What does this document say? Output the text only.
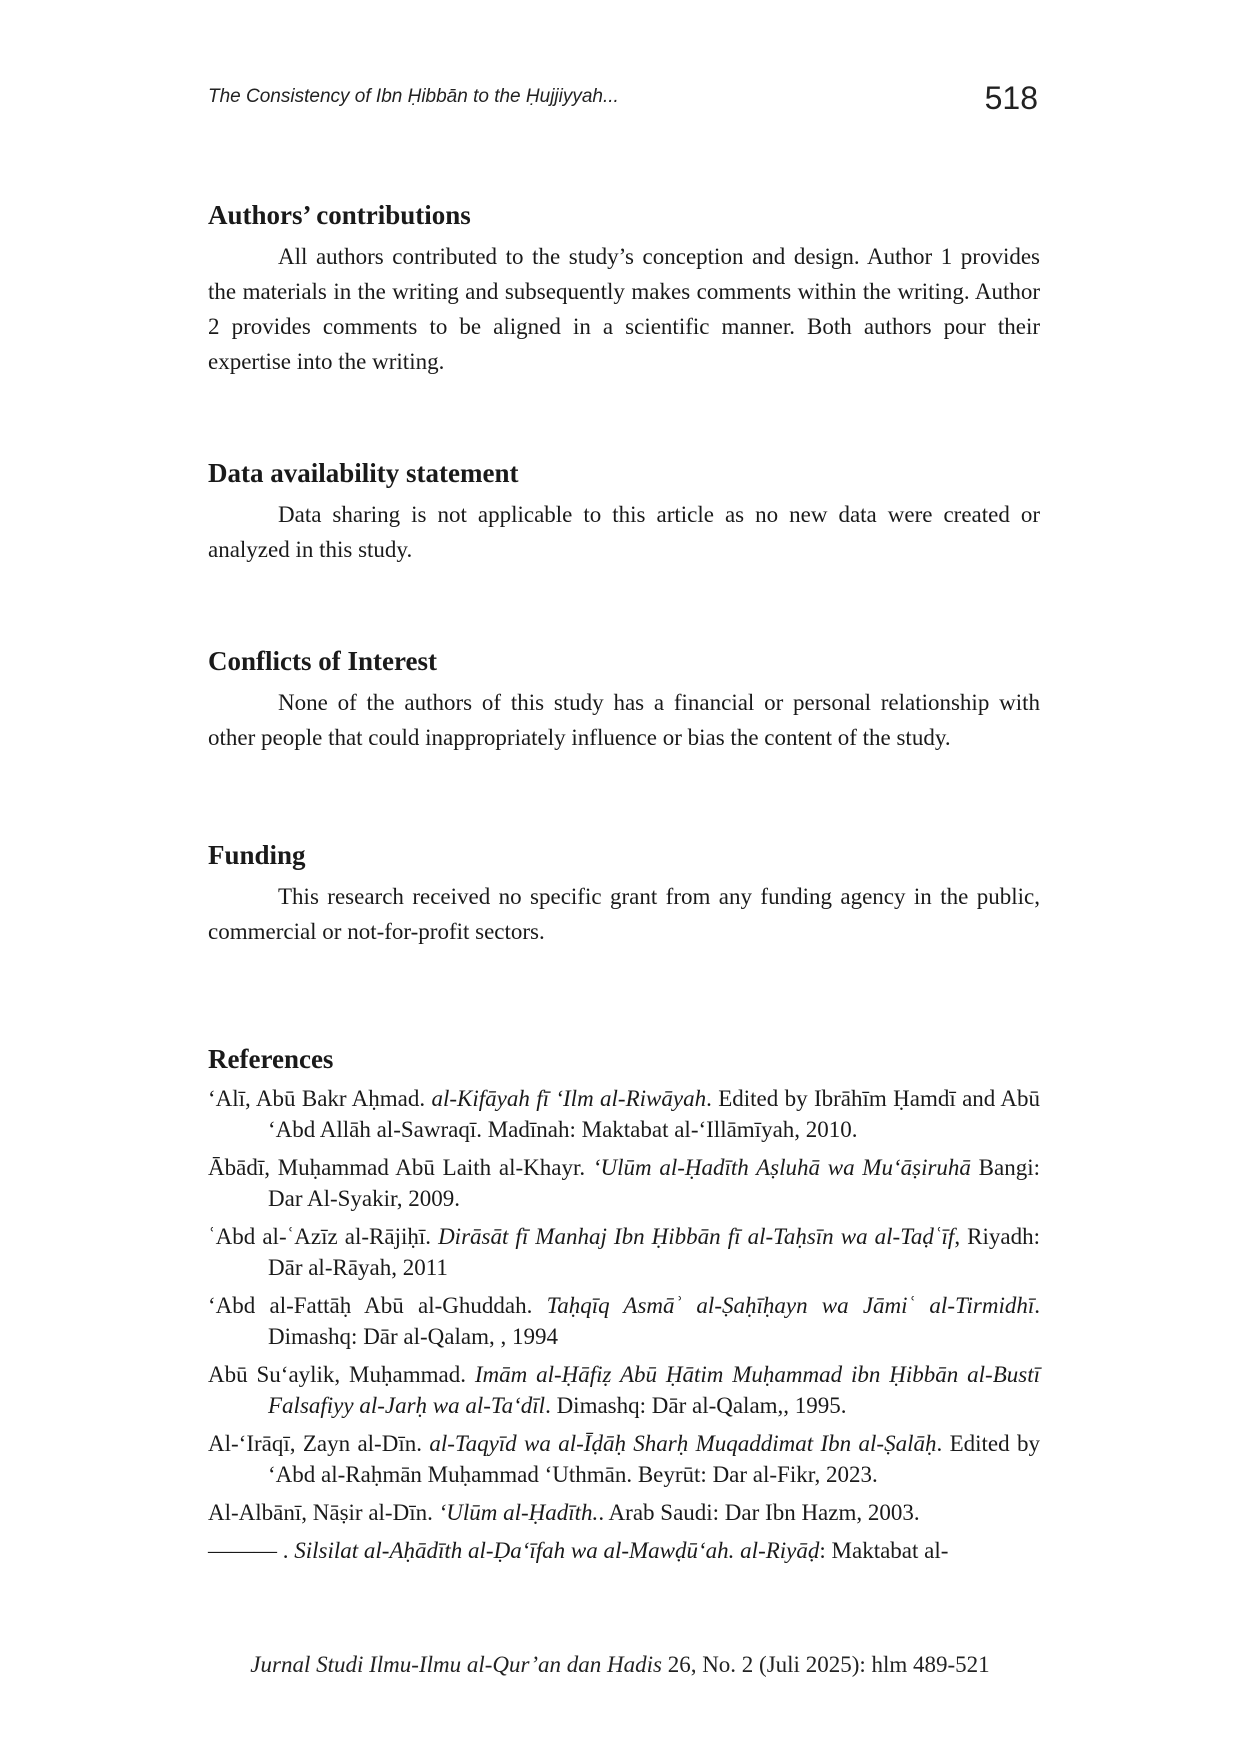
The Consistency of Ibn Ḥibbān to the Ḥujjiyyah...	518
Authors’ contributions

All authors contributed to the study’s conception and design. Author 1 provides the materials in the writing and subsequently makes comments within the writing. Author 2 provides comments to be aligned in a scientific manner. Both authors pour their expertise into the writing.

Data availability statement

Data sharing is not applicable to this article as no new data were created or analyzed in this study.

Conflicts of Interest

None of the authors of this study has a financial or personal relationship with other people that could inappropriately influence or bias the content of the study.

Funding

This research received no specific grant from any funding agency in the public, commercial or not-for-profit sectors.

References
ʻAlī, Abū Bakr Aḥmad. al-Kifāyah fī ʻIlm al-Riwāyah. Edited by Ibrāhīm Ḥamdī and Abū ʻAbd Allāh al-Sawraqī. Madīnah: Maktabat al-ʻIllāmīyah, 2010.
Ābādī, Muḥammad Abū Laith al-Khayr. ʻUlūm al-Ḥadīth Aṣluhā wa Muʻāṣiruhā Bangi: Dar Al-Syakir, 2009.
ʿAbd al-ʿAzīz al-Rājiḥī. Dirāsāt fī Manhaj Ibn Ḥibbān fī al-Taḥsīn wa al-Taḍʿīf, Riyadh: Dār al-Rāyah, 2011
ʻAbd al-Fattāḥ Abū al-Ghuddah. Taḥqīq Asmāʾ al-Ṣaḥīḥayn wa Jāmiʿ al-Tirmidhī. Dimashq: Dār al-Qalam, , 1994
Abū Suʻaylik, Muḥammad. Imām al-Ḥāfiẓ Abū Ḥātim Muḥammad ibn Ḥibbān al-Bustī Falsafiyy al-Jarḥ wa al-Taʻdīl. Dimashq: Dār al-Qalam,, 1995.
Al-ʻIrāqī, Zayn al-Dīn. al-Taqyīd wa al-Īḍāḥ Sharḥ Muqaddimat Ibn al-Ṣalāḥ. Edited by ʻAbd al-Raḥmān Muḥammad ʻUthmān. Beyrūt: Dar al-Fikr, 2023.
Al-Albānī, Nāṣir al-Dīn. ʻUlūm al-Ḥadīth.. Arab Saudi: Dar Ibn Hazm, 2003.
——— . Silsilat al-Aḥādīth al-Ḍaʻīfah wa al-Mawḍūʻah. al-Riyāḍ: Maktabat al-
Jurnal Studi Ilmu-Ilmu al-Qur’an dan Hadis 26, No. 2 (Juli 2025): hlm 489-521
